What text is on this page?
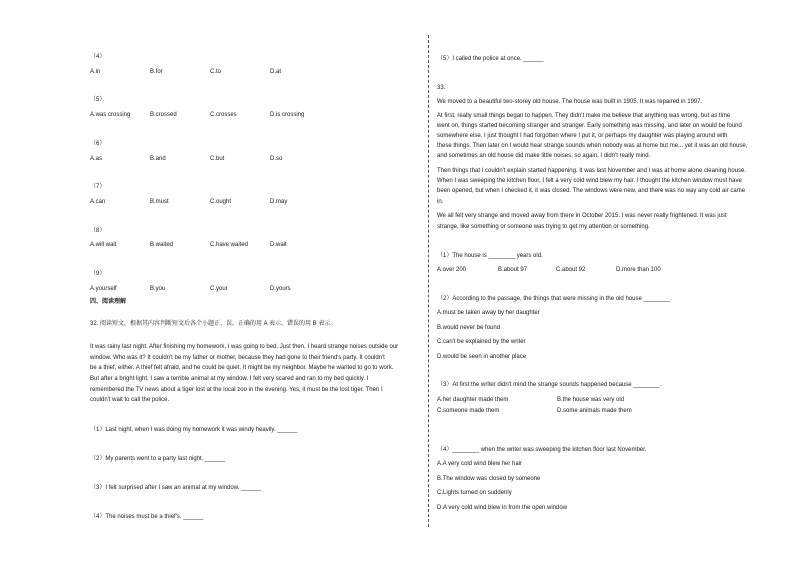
（4）
A.in	B.for	C.to	D.at
（5）
A.was crossing	B.crossed	C.crosses	D.is crossing
（6）
A.as	B.and	C.but	D.so
（7）
A.can	B.must	C.ought	D.may
（8）
A.will wait	B.waited	C.have waited	D.wait
（9）
A.yourself	B.you	C.your	D.yours
四、阅读理解
32. 阅读短文，根据其内容判断短文后各个小题正、误。正确的用 A 表示，错误的用 B 表示。
It was rainy last night. After finishing my homework, I was going to bed. Just then, I heard strange noises outside our
window. Who was it? It couldn't be my father or mother, because they had gone to their friend's party. It couldn't
be a thief, either. A thief felt afraid, and he could be quiet. It might be my neighbor. Maybe he wanted to go to work.
But after a bright light, I saw a terrible animal at my window. I felt very scared and ran to my bed quickly. I
remembered the TV news about a tiger lost at the local zoo in the evening. Yes, it must be the lost tiger. Then I
couldn't wait to call the police.
（1）Last night, when I was doing my homework it was windy heavily. ______
（2）My parents went to a party last night. ______
（3）I felt surprised after I saw an animal at my window. ______
（4）The noises must be a thief's. ______
（5）I called the police at once. ______
33.
We moved to a beautiful two-storey old house. The house was built in 1905. It was repaired in 1997.
At first, really small things began to happen. They didn't make me believe that anything was wrong, but as time
went on, things started becoming stranger and stranger. Early something was missing, and later on would be found
somewhere else. I just thought I had forgotten where I put it, or perhaps my daughter was playing around with
these things. Then later on I would hear strange sounds when nobody was at home but me... yet it was an old house,
and sometimes an old house did make little noises, so again, I didn't really mind.
Then things that I couldn't explain started happening. It was last November and I was at home alone cleaning house.
When I was sweeping the kitchen floor, I felt a very cold wind blew my hair. I thought the kitchen window must have
been opened, but when I checked it, it was closed. The windows were new, and there was no way any cold air came
in.
We all felt very strange and moved away from there in October 2015. I was never really frightened. It was just
strange, like something or someone was trying to get my attention or something.
（1）The house is ________ years old.
A.over 200	B.about 97	C.about 92	D.more than 100
（2）According to the passage, the things that were missing in the old house ________.
A.must be taken away by her daughter
B.would never be found
C.can't be explained by the writer
D.would be seen in another place
（3）At first the writer didn't mind the strange sounds happened because ________.
A.her daughter made them	B.the house was very old
C.someone made them	D.some animals made them
（4）________ when the writer was sweeping the kitchen floor last November.
A.A very cold wind blew her hair
B.The window was closed by someone
C.Lights turned on suddenly
D.A very cold wind blew in from the open window
